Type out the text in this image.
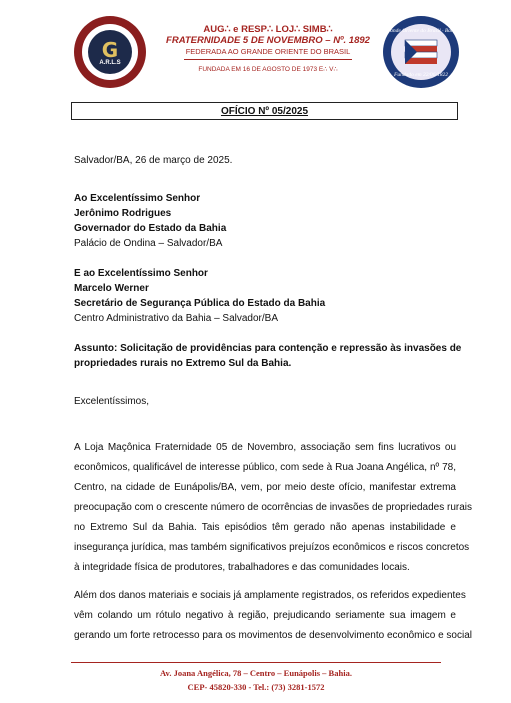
G
A.R.L.S
AUG∴ e RESP∴ LOJ∴ SIMB∴
FRATERNIDADE 5 DE NOVEMBRO – Nº. 1892
FEDERADA AO GRANDE ORIENTE DO BRASIL
FUNDADA EM 16 DE AGOSTO DE 1973 E∴ V∴
Grande Oriente do Brasil · Bahia
Fundado em 22/06/1822
OFÍCIO Nº 05/2025
Salvador/BA, 26 de março de 2025.
Ao Excelentíssimo Senhor
Jerônimo Rodrigues
Governador do Estado da Bahia
Palácio de Ondina – Salvador/BA
E ao Excelentíssimo Senhor
Marcelo Werner
Secretário de Segurança Pública do Estado da Bahia
Centro Administrativo da Bahia – Salvador/BA
Assunto: Solicitação de providências para contenção e repressão às invasões de
propriedades rurais no Extremo Sul da Bahia.
Excelentíssimos,
A Loja Maçônica Fraternidade 05 de Novembro, associação sem fins lucrativos ou
econômicos, qualificável de interesse público, com sede à Rua Joana Angélica, nº 78,
Centro, na cidade de Eunápolis/BA, vem, por meio deste ofício, manifestar extrema
preocupação com o crescente número de ocorrências de invasões de propriedades rurais
no Extremo Sul da Bahia. Tais episódios têm gerado não apenas instabilidade e
insegurança jurídica, mas também significativos prejuízos econômicos e riscos concretos
à integridade física de produtores, trabalhadores e das comunidades locais.
Além dos danos materiais e sociais já amplamente registrados, os referidos expedientes
vêm colando um rótulo negativo à região, prejudicando seriamente sua imagem e
gerando um forte retrocesso para os movimentos de desenvolvimento econômico e social
Av. Joana Angélica, 78 – Centro – Eunápolis – Bahia.
CEP- 45820-330 - Tel.: (73) 3281-1572
